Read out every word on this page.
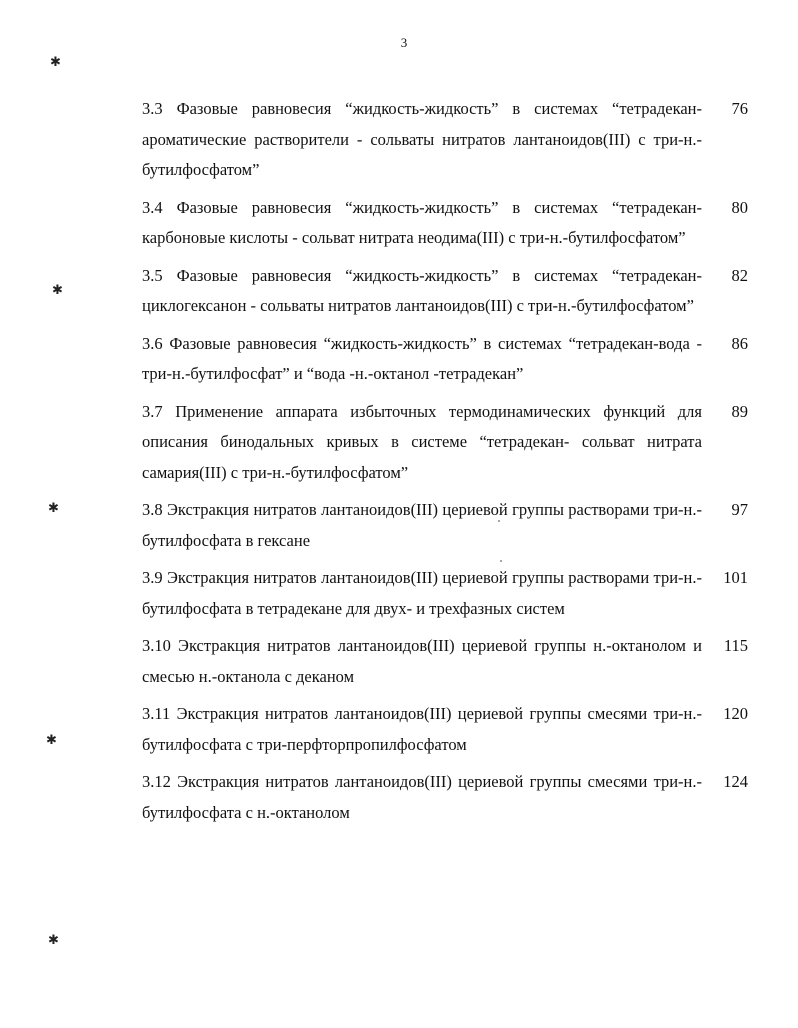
3
✱
✱
✱
✱
✱
3.3 Фазовые равновесия “жидкость-жидкость” в системах “тетрадекан-ароматические растворители - сольваты нитратов лантаноидов(III) с три-н.-бутилфосфатом”
76
3.4 Фазовые равновесия “жидкость-жидкость” в системах “тетрадекан-карбоновые кислоты - сольват нитрата неодима(III) с три-н.-бутилфосфатом”
80
3.5 Фазовые равновесия “жидкость-жидкость” в системах “тетрадекан-циклогексанон - сольваты нитратов лантаноидов(III) с три-н.-бутилфосфатом”
82
3.6 Фазовые равновесия “жидкость-жидкость” в системах “тетрадекан-вода - три-н.-бутилфосфат” и “вода -н.-октанол -тетрадекан”
86
3.7 Применение аппарата избыточных термодинамических функций для описания бинодальных кривых в системе “тетрадекан- сольват нитрата самария(III) с три-н.-бутилфосфатом”
89
3.8 Экстракция нитратов лантаноидов(III) цериевой группы растворами три-н.-бутилфосфата в гексане
97
3.9 Экстракция нитратов лантаноидов(III) цериевой группы растворами три-н.-бутилфосфата в тетрадекане для двух- и трехфазных систем
101
3.10 Экстракция нитратов лантаноидов(III) цериевой группы н.-октанолом и смесью н.-октанола с деканом
115
3.11 Экстракция нитратов лантаноидов(III) цериевой группы смесями три-н.-бутилфосфата с три-перфторпропилфосфатом
120
3.12 Экстракция нитратов лантаноидов(III) цериевой группы смесями три-н.-бутилфосфата с н.-октанолом
124
